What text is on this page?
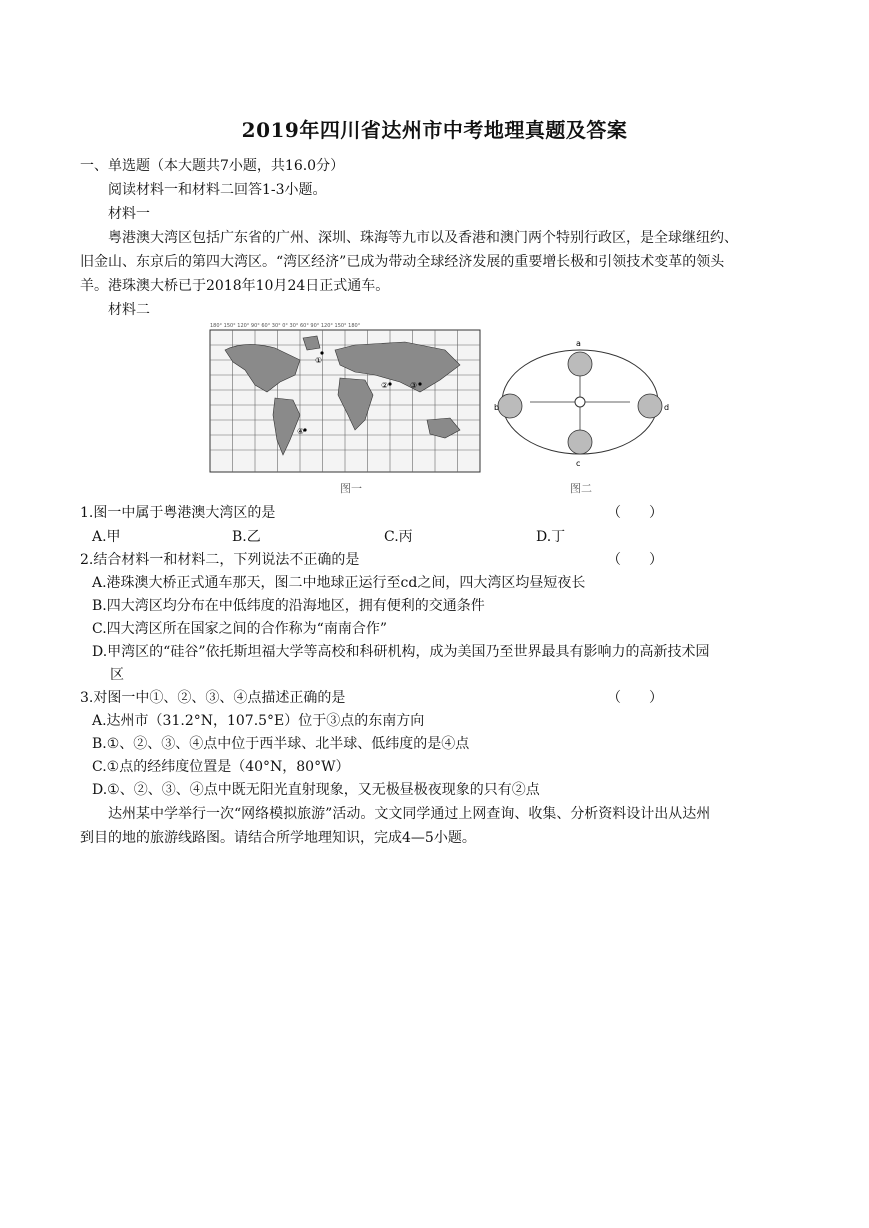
2019年四川省达州市中考地理真题及答案
一、单选题（本大题共7小题，共16.0分）
阅读材料一和材料二回答1-3小题。
材料一
粤港澳大湾区包括广东省的广州、深圳、珠海等九市以及香港和澳门两个特别行政区，是全球继纽约、
旧金山、东京后的第四大湾区。“湾区经济”已成为带动全球经济发展的重要增长极和引领技术变革的领头
羊。港珠澳大桥已于2018年10月24日正式通车。
材料二
①
②	③
④
180° 150° 120° 90° 60° 30° 0° 30° 60° 90° 120° 150° 180°
图一
a
b
c
d
图二
1.图一中属于粤港澳大湾区的是	（　　）
A.甲	B.乙	C.丙	D.丁
2.结合材料一和材料二，下列说法不正确的是	（　　）
A.港珠澳大桥正式通车那天，图二中地球正运行至cd之间，四大湾区均昼短夜长
B.四大湾区均分布在中低纬度的沿海地区，拥有便利的交通条件
C.四大湾区所在国家之间的合作称为“南南合作”
D.甲湾区的“硅谷”依托斯坦福大学等高校和科研机构，成为美国乃至世界最具有影响力的高新技术园
区
3.对图一中①、②、③、④点描述正确的是	（　　）
A.达州市（31.2°N，107.5°E）位于③点的东南方向
B.①、②、③、④点中位于西半球、北半球、低纬度的是④点
C.①点的经纬度位置是（40°N，80°W）
D.①、②、③、④点中既无阳光直射现象，又无极昼极夜现象的只有②点
达州某中学举行一次“网络模拟旅游”活动。文文同学通过上网查询、收集、分析资料设计出从达州
到目的地的旅游线路图。请结合所学地理知识，完成4—5小题。
